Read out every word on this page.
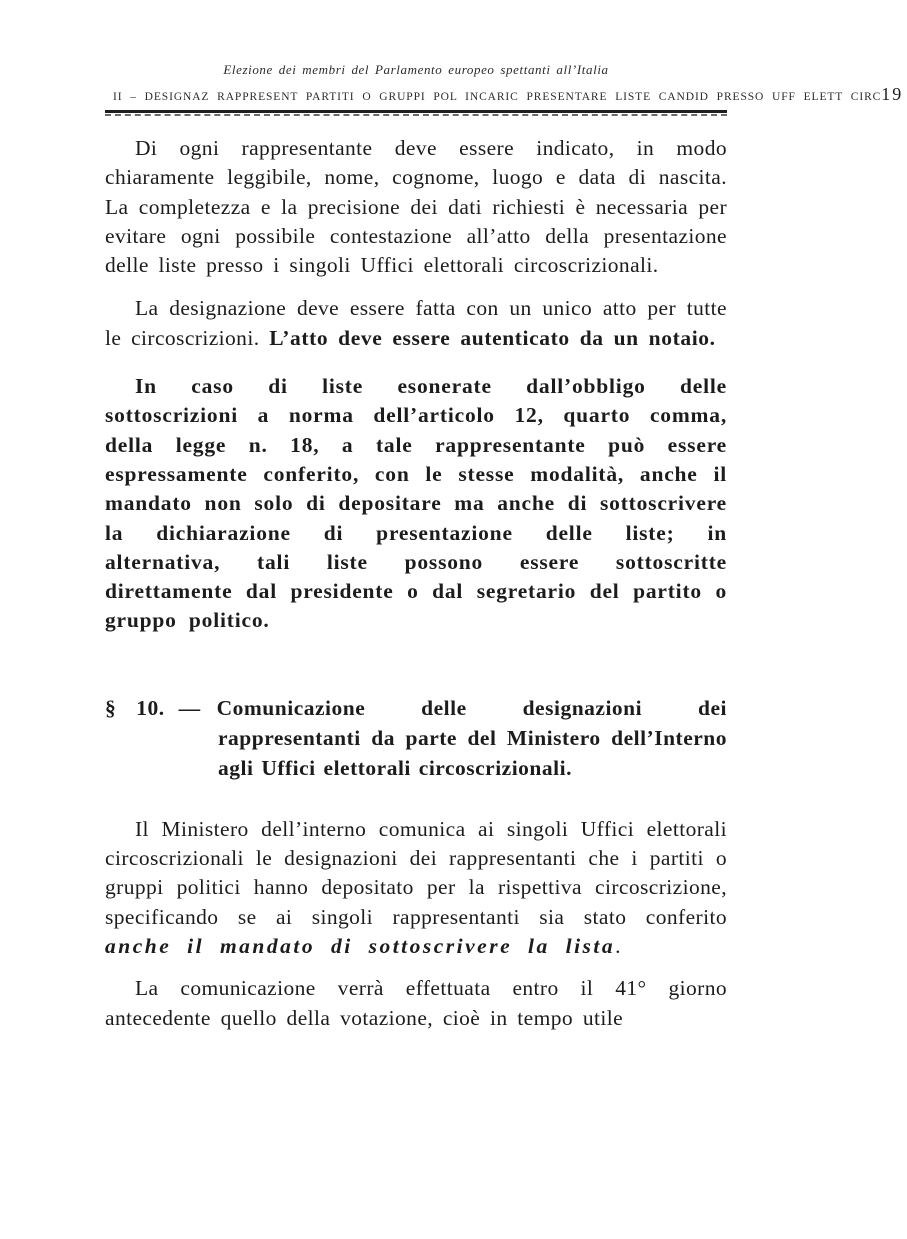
Elezione dei membri del Parlamento europeo spettanti all’Italia
II – DESIGNAZ RAPPRESENT PARTITI O GRUPPI POL INCARIC PRESENTARE LISTE CANDID PRESSO UFF ELETT CIRC 19

Di ogni rappresentante deve essere indicato, in modo chiaramente leggibile, nome, cognome, luogo e data di nascita. La completezza e la precisione dei dati richiesti è necessaria per evitare ogni possibile contestazione all’atto della presentazione delle liste presso i singoli Uffici elettorali circoscrizionali.

La designazione deve essere fatta con un unico atto per tutte le circoscrizioni. L’atto deve essere autenticato da un notaio.

In caso di liste esonerate dall’obbligo delle sottoscrizioni a norma dell’articolo 12, quarto comma, della legge n. 18, a tale rappresentante può essere espressamente conferito, con le stesse modalità, anche il mandato non solo di depositare ma anche di sottoscrivere la dichiarazione di presentazione delle liste; in alternativa, tali liste possono essere sottoscritte direttamente dal presidente o dal segretario del partito o gruppo politico.

§ 10. — Comunicazione delle designazioni dei rappresentanti da parte del Ministero dell’Interno agli Uffici elettorali circoscrizionali.

Il Ministero dell’interno comunica ai singoli Uffici elettorali circoscrizionali le designazioni dei rappresentanti che i partiti o gruppi politici hanno depositato per la rispettiva circoscrizione, specificando se ai singoli rappresentanti sia stato conferito anche il mandato di sottoscrivere la lista.

La comunicazione verrà effettuata entro il 41° giorno antecedente quello della votazione, cioè in tempo utile
